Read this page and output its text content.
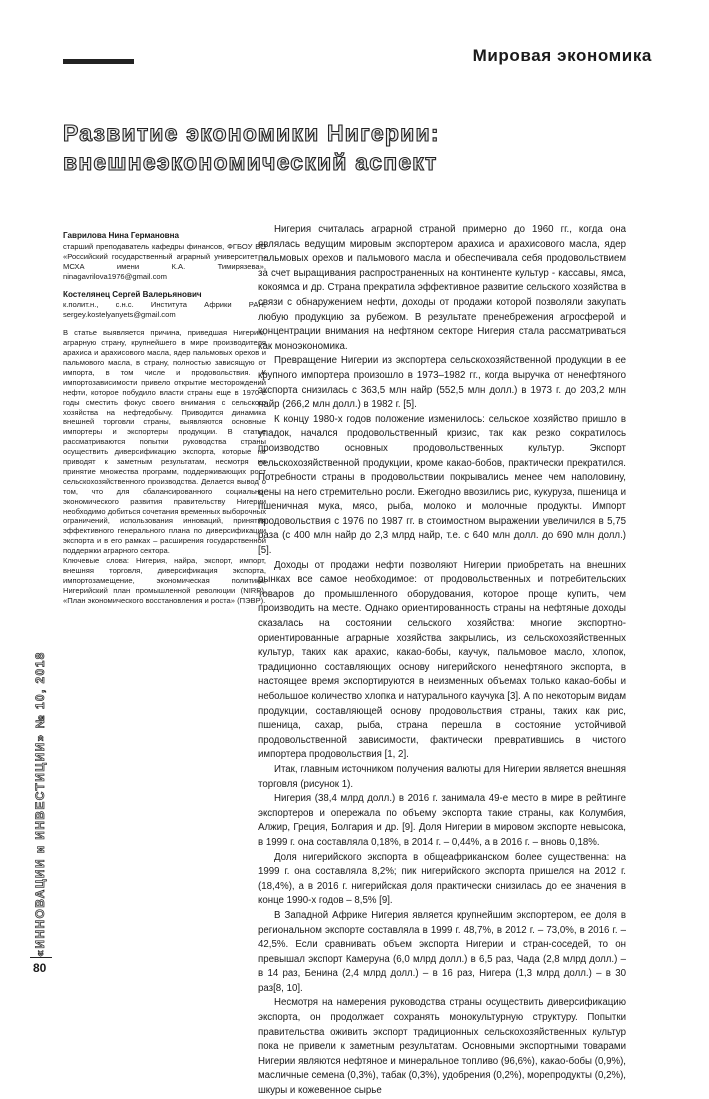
Мировая экономика
Развитие экономики Нигерии:
внешнеэкономический аспект

Гаврилова Нина Германовна

старший преподаватель кафедры финансов, ФГБОУ ВО «Российский государственный аграрный университет – МСХА имени К.А. Тимирязева», ninagavrilova1976@gmail.com

Костелянец Сергей Валерьянович

к.полит.н., с.н.с. Института Африки РАН, sergey.kostelyanyets@gmail.com

В статье выявляется причина, приведшая Нигерию, аграрную страну, крупнейшего в мире производителя арахиса и арахисового масла, ядер пальмовых орехов и пальмового масла, в страну, полностью зависящую от импорта, в том числе и продовольствия. К импортозависимости привело открытие месторождений нефти, которое побудило власти страны еще в 1970-е годы сместить фокус своего внимания с сельского хозяйства на нефтедобычу. Приводится динамика внешней торговли страны, выявляются основные импортеры и экспортеры продукции. В статье рассматриваются попытки руководства страны осуществить диверсификацию экспорта, которые не приводят к заметным результатам, несмотря на принятие множества программ, поддерживающих рост сельскохозяйственного производства. Делается вывод о том, что для сбалансированного социально-экономического развития правительству Нигерии необходимо добиться сочетания временных выборочных ограничений, использования инноваций, принятия эффективного генерального плана по диверсификации экспорта и в его рамках – расширения государственной поддержки аграрного сектора.

Ключевые слова: Нигерия, найра, экспорт, импорт, внешняя торговля, диверсификация экспорта, импортозамещение, экономическая политика, Нигерийский план промышленной революции (NIRP), «План экономического восстановления и роста» (ПЭВР).

Нигерия считалась аграрной страной примерно до 1960 гг., когда она являлась ведущим мировым экспортером арахиса и арахисового масла, ядер пальмовых орехов и пальмового масла и обеспечивала себя продовольствием за счет выращивания распространенных на континенте культур - кассавы, ямса, кокоямса и др. Страна прекратила эффективное развитие сельского хозяйства в связи с обнаружением нефти, доходы от продажи которой позволяли закупать любую продукцию за рубежом. В результате пренебрежения агросферой и концентрации внимания на нефтяном секторе Нигерия стала рассматриваться как моноэкономика.

Превращение Нигерии из экспортера сельскохозяйственной продукции в ее крупного импортера произошло в 1973–1982 гг., когда выручка от ненефтяного экспорта снизилась с 363,5 млн найр (552,5 млн долл.) в 1973 г. до 203,2 млн найр (266,2 млн долл.) в 1982 г. [5].

К концу 1980-х годов положение изменилось: сельское хозяйство пришло в упадок, начался продовольственный кризис, так как резко сократилось производство основных продовольственных культур. Экспорт сельскохозяйственной продукции, кроме какао-бобов, практически прекратился. Потребности страны в продовольствии покрывались менее чем наполовину, цены на него стремительно росли. Ежегодно ввозились рис, кукуруза, пшеница и пшеничная мука, мясо, рыба, молоко и молочные продукты. Импорт продовольствия с 1976 по 1987 гг. в стоимостном выражении увеличился в 5,75 раза (с 400 млн найр до 2,3 млрд найр, т.е. с 640 млн долл. до 690 млн долл.) [5].

Доходы от продажи нефти позволяют Нигерии приобретать на внешних рынках все самое необходимое: от продовольственных и потребительских товаров до промышленного оборудования, которое проще купить, чем производить на месте. Однако ориентированность страны на нефтяные доходы сказалась на состоянии сельского хозяйства: многие экспортно-ориентированные аграрные хозяйства закрылись, из сельскохозяйственных культур, таких как арахис, какао-бобы, каучук, пальмовое масло, хлопок, традиционно составляющих основу нигерийского ненефтяного экспорта, в настоящее время экспортируются в неизменных объемах только какао-бобы и небольшое количество хлопка и натурального каучука [3]. А по некоторым видам продукции, составляющей основу продовольствия страны, таких как рис, пшеница, сахар, рыба, страна перешла в состояние устойчивой продовольственной зависимости, фактически превратившись в чистого импортера продовольствия [1, 2].

Итак, главным источником получения валюты для Нигерии является внешняя торговля (рисунок 1).

Нигерия (38,4 млрд долл.) в 2016 г. занимала 49-е место в мире в рейтинге экспортеров и опережала по объему экспорта такие страны, как Колумбия, Алжир, Греция, Болгария и др. [9]. Доля Нигерии в мировом экспорте невысока, в 1999 г. она составляла 0,18%, в 2014 г. – 0,44%, а в 2016 г. – вновь 0,18%.

Доля нигерийского экспорта в общеафриканском более существенна: на 1999 г. она составляла 8,2%; пик нигерийского экспорта пришелся на 2012 г. (18,4%), а в 2016 г. нигерийская доля практически снизилась до ее значения в конце 1990-х годов – 8,5% [9].

В Западной Африке Нигерия является крупнейшим экспортером, ее доля в региональном экспорте составляла в 1999 г. 48,7%, в 2012 г. – 73,0%, в 2016 г. – 42,5%. Если сравнивать объем экспорта Нигерии и стран-соседей, то он превышал экспорт Камеруна (6,0 млрд долл.) в 6,5 раз, Чада (2,8 млрд долл.) – в 14 раз, Бенина (2,4 млрд долл.) – в 16 раз, Нигера (1,3 млрд долл.) – в 30 раз[8, 10].

Несмотря на намерения руководства страны осуществить диверсификацию экспорта, он продолжает сохранять монокультурную структуру. Попытки правительства оживить экспорт традиционных сельскохозяйственных культур пока не привели к заметным результатам. Основными экспортными товарами Нигерии являются нефтяное и минеральное топливо (96,6%), какао-бобы (0,9%), масличные семена (0,3%), табак (0,3%), удобрения (0,2%), морепродукты (0,2%), шкуры и кожевенное сырье

«ИННОВАЦИИ и ИНВЕСТИЦИИ» № 10, 2018
80
